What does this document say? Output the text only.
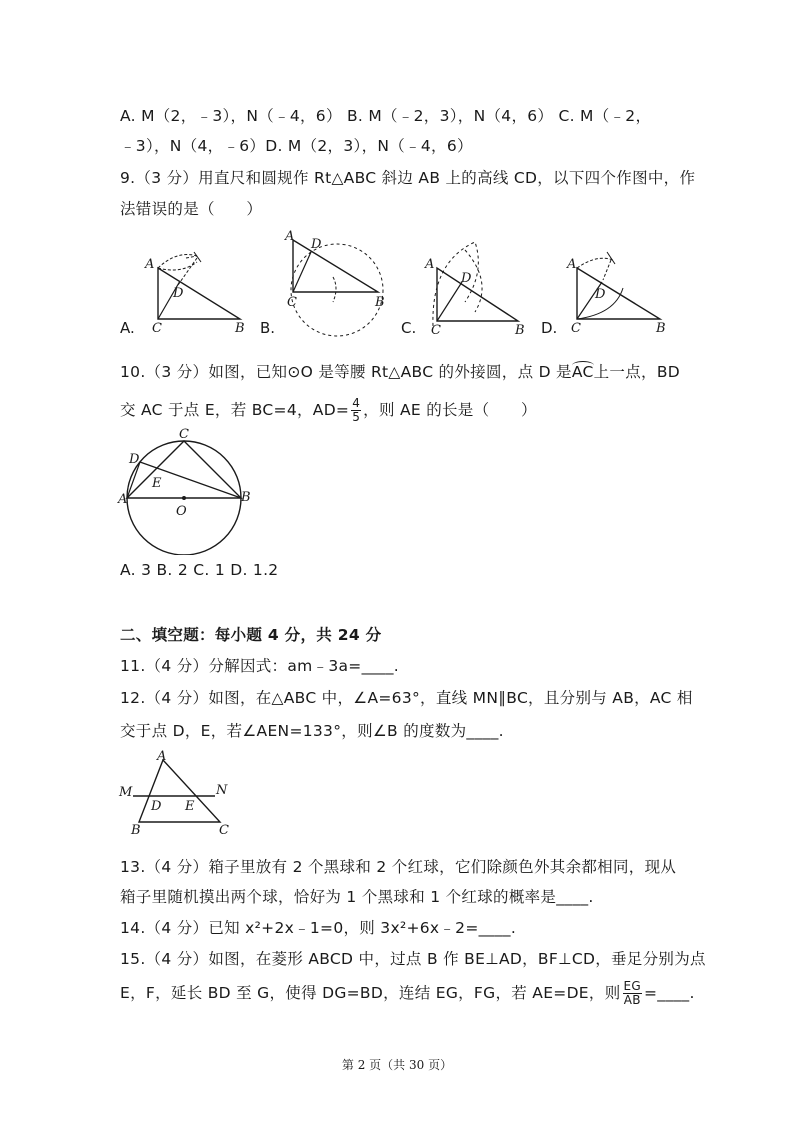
A. M（2，﹣3），N（﹣4，6） B. M（﹣2，3），N（4，6） C. M（﹣2，
﹣3），N（4，﹣6）D. M（2，3），N（﹣4，6）
9.（3 分）用直尺和圆规作 Rt△ABC 斜边 AB 上的高线 CD，以下四个作图中，作
法错误的是（　　）
A
D
C	B
A
D
C	B
A
D
C	B
A
D
C	B
A.	B.	C.	D.
10.（3 分）如图，已知⊙O 是等腰 Rt△ABC 的外接圆，点 D 是AC上一点，BD
交 AC 于点 E，若 BC=4，$AD= \frac{4}{5}$ ，则 AE 的长是（　　）
A	B
C
D
E
O
A. 3 B. 2 C. 1 D. 1.2
二、填空题：每小题 4 分，共 24 分
11.（4 分）分解因式：am﹣3a=____.
12.（4 分）如图，在△ABC 中，∠A=63°，直线 MN∥BC，且分别与 AB，AC 相
交于点 D，E，若∠AEN=133°，则∠B 的度数为____.
A
B	C
D E
M	N
13.（4 分）箱子里放有 2 个黑球和 2 个红球，它们除颜色外其余都相同，现从
箱子里随机摸出两个球，恰好为 1 个黑球和 1 个红球的概率是____.
14.（4 分）已知 x²+2x﹣1=0，则 3x²+6x﹣2=____.
15.（4 分）如图，在菱形 ABCD 中，过点 B 作 BE⊥AD，BF⊥CD，垂足分别为点
E，F，延长 BD 至 G，使得 DG=BD，连结 EG，FG，若 AE=DE，则 $\frac{EG}{AB}$ =____.
第 2 页（共 30 页）
